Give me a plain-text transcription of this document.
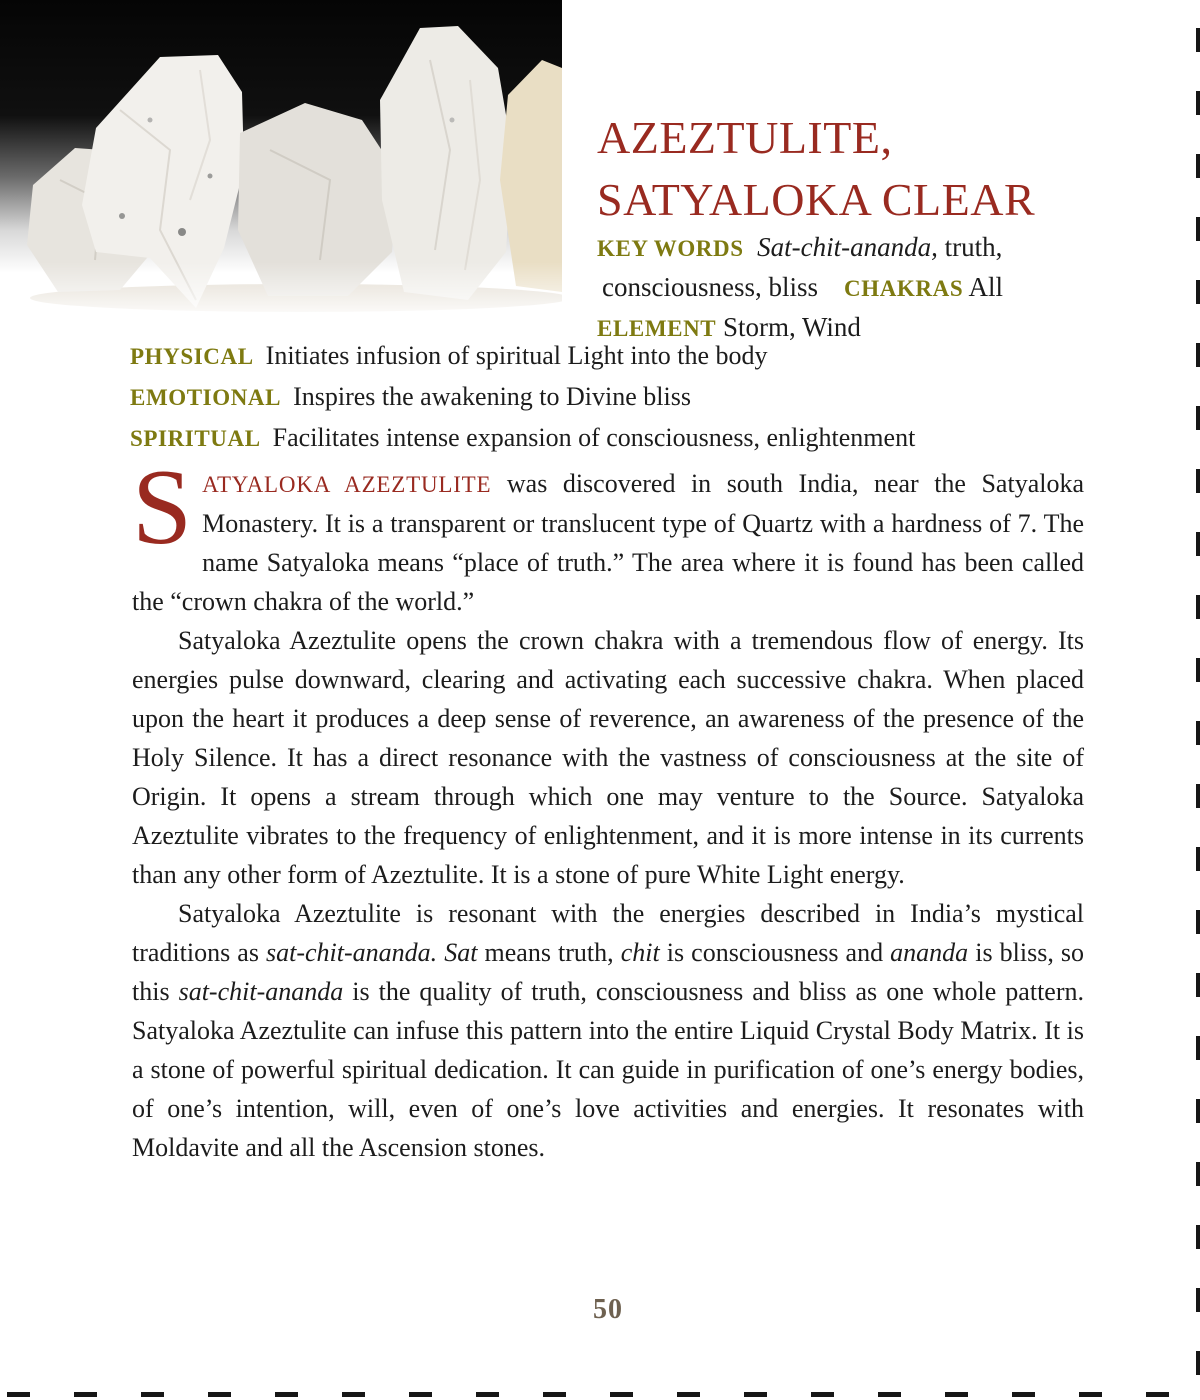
AZEZTULITE,
SATYALOKA CLEAR
KEY WORDS Sat-chit-ananda, truth,
consciousness, bliss CHAKRAS All
ELEMENT Storm, Wind
PHYSICAL Initiates infusion of spiritual Light into the body
EMOTIONAL Inspires the awakening to Divine bliss
SPIRITUAL Facilitates intense expansion of consciousness, enlightenment

SATYALOKA AZEZTULITE was discovered in south India, near the Satyaloka Monastery. It is a transparent or translucent type of Quartz with a hardness of 7. The name Satyaloka means “place of truth.” The area where it is found has been called the “crown chakra of the world.”

Satyaloka Azeztulite opens the crown chakra with a tremendous flow of energy. Its energies pulse downward, clearing and activating each successive chakra. When placed upon the heart it produces a deep sense of reverence, an awareness of the presence of the Holy Silence. It has a direct resonance with the vastness of consciousness at the site of Origin. It opens a stream through which one may venture to the Source. Satyaloka Azeztulite vibrates to the frequency of enlightenment, and it is more intense in its currents than any other form of Azeztulite. It is a stone of pure White Light energy.

Satyaloka Azeztulite is resonant with the energies described in India’s mystical traditions as sat-chit-ananda. Sat means truth, chit is consciousness and ananda is bliss, so this sat-chit-ananda is the quality of truth, consciousness and bliss as one whole pattern. Satyaloka Azeztulite can infuse this pattern into the entire Liquid Crystal Body Matrix. It is a stone of powerful spiritual dedication. It can guide in purification of one’s energy bodies, of one’s intention, will, even of one’s love activities and energies. It resonates with Moldavite and all the Ascension stones.

50
